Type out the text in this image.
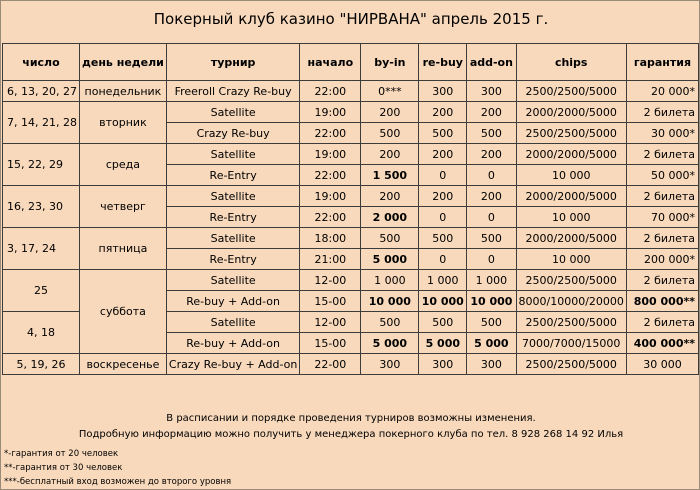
Покерный клуб казино "НИРВАНА" апрель 2015 г.
число	день недели	турнир	начало	by-in	re-buy	add-on	chips	гарантия
6, 13, 20, 27	понедельник	Freeroll Crazy Re-buy	22:00	0***	300	300	2500/2500/5000	20 000*
7, 14, 21, 28	вторник	Satellite	19:00	200	200	200	2000/2000/5000	2 билета
		Crazy Re-buy	22:00	500	500	500	2500/2500/5000	30 000*
15, 22, 29	среда	Satellite	19:00	200	200	200	2000/2000/5000	2 билета
		Re-Entry	22:00	1 500	0	0	10 000	50 000*
16, 23, 30	четверг	Satellite	19:00	200	200	200	2000/2000/5000	2 билета
		Re-Entry	22:00	2 000	0	0	10 000	70 000*
3, 17, 24	пятница	Satellite	18:00	500	500	500	2000/2000/5000	2 билета
		Re-Entry	21:00	5 000	0	0	10 000	200 000*
25	суббота	Satellite	12-00	1 000	1 000	1 000	2500/2500/5000	2 билета
		Re-buy + Add-on	15-00	10 000	10 000	10 000	8000/10000/20000	800 000**
4, 18		Satellite	12-00	500	500	500	2500/2500/5000	2 билета
		Re-buy + Add-on	15-00	5 000	5 000	5 000	7000/7000/15000	400 000**
5, 19, 26	воскресенье	Crazy Re-buy + Add-on	22-00	300	300	300	2500/2500/5000	30 000
В расписании и порядке проведения турниров возможны изменения.
Подробную информацию можно получить у менеджера покерного клуба по тел. 8 928 268 14 92 Илья
*-гарантия от 20 человек
**-гарантия от 30 человек
***-бесплатный вход возможен до второго уровня
